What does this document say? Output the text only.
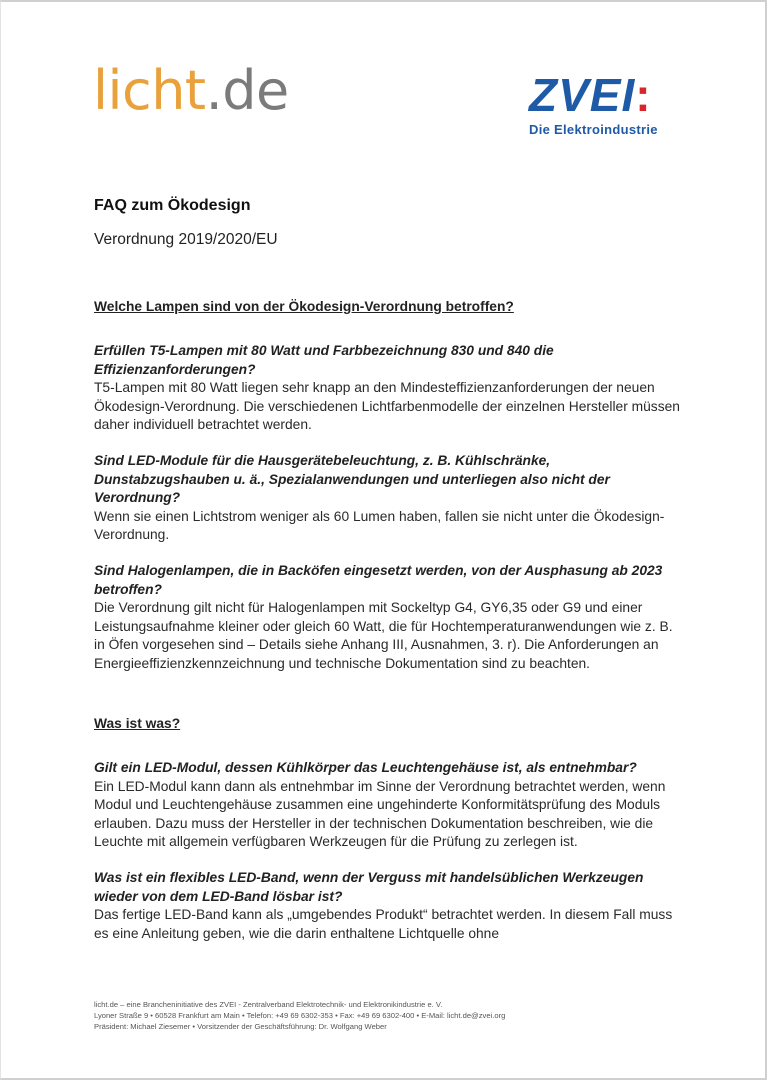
licht.de	ZVEI:
Die Elektroindustrie
FAQ zum Ökodesign
Verordnung 2019/2020/EU

Welche Lampen sind von der Ökodesign-Verordnung betroffen?

Erfüllen T5-Lampen mit 80 Watt und Farbbezeichnung 830 und 840 die Effizienzanforderungen?

T5-Lampen mit 80 Watt liegen sehr knapp an den Mindesteffizienzanforderungen der neuen Ökodesign-Verordnung. Die verschiedenen Lichtfarbenmodelle der einzelnen Hersteller müssen daher individuell betrachtet werden.

Sind LED-Module für die Hausgerätebeleuchtung, z. B. Kühlschränke, Dunstabzugshauben u. ä., Spezialanwendungen und unterliegen also nicht der Verordnung?

Wenn sie einen Lichtstrom weniger als 60 Lumen haben, fallen sie nicht unter die Ökodesign-Verordnung.

Sind Halogenlampen, die in Backöfen eingesetzt werden, von der Ausphasung ab 2023 betroffen?

Die Verordnung gilt nicht für Halogenlampen mit Sockeltyp G4, GY6,35 oder G9 und einer Leistungsaufnahme kleiner oder gleich 60 Watt, die für Hochtemperaturanwendungen wie z. B. in Öfen vorgesehen sind – Details siehe Anhang III, Ausnahmen, 3. r). Die Anforderungen an Energieeffizienzkennzeichnung und technische Dokumentation sind zu beachten.

Was ist was?

Gilt ein LED-Modul, dessen Kühlkörper das Leuchtengehäuse ist, als entnehmbar?

Ein LED-Modul kann dann als entnehmbar im Sinne der Verordnung betrachtet werden, wenn Modul und Leuchtengehäuse zusammen eine ungehinderte Konformitätsprüfung des Moduls erlauben. Dazu muss der Hersteller in der technischen Dokumentation beschreiben, wie die Leuchte mit allgemein verfügbaren Werkzeugen für die Prüfung zu zerlegen ist.

Was ist ein flexibles LED-Band, wenn der Verguss mit handelsüblichen Werkzeugen wieder von dem LED-Band lösbar ist?

Das fertige LED-Band kann als „umgebendes Produkt“ betrachtet werden. In diesem Fall muss es eine Anleitung geben, wie die darin enthaltene Lichtquelle ohne

licht.de – eine Brancheninitiative des ZVEI - Zentralverband Elektrotechnik- und Elektronikindustrie e. V.
Lyoner Straße 9 • 60528 Frankfurt am Main • Telefon: +49 69 6302-353 • Fax: +49 69 6302-400 • E-Mail: licht.de@zvei.org
Präsident: Michael Ziesemer • Vorsitzender der Geschäftsführung: Dr. Wolfgang Weber
